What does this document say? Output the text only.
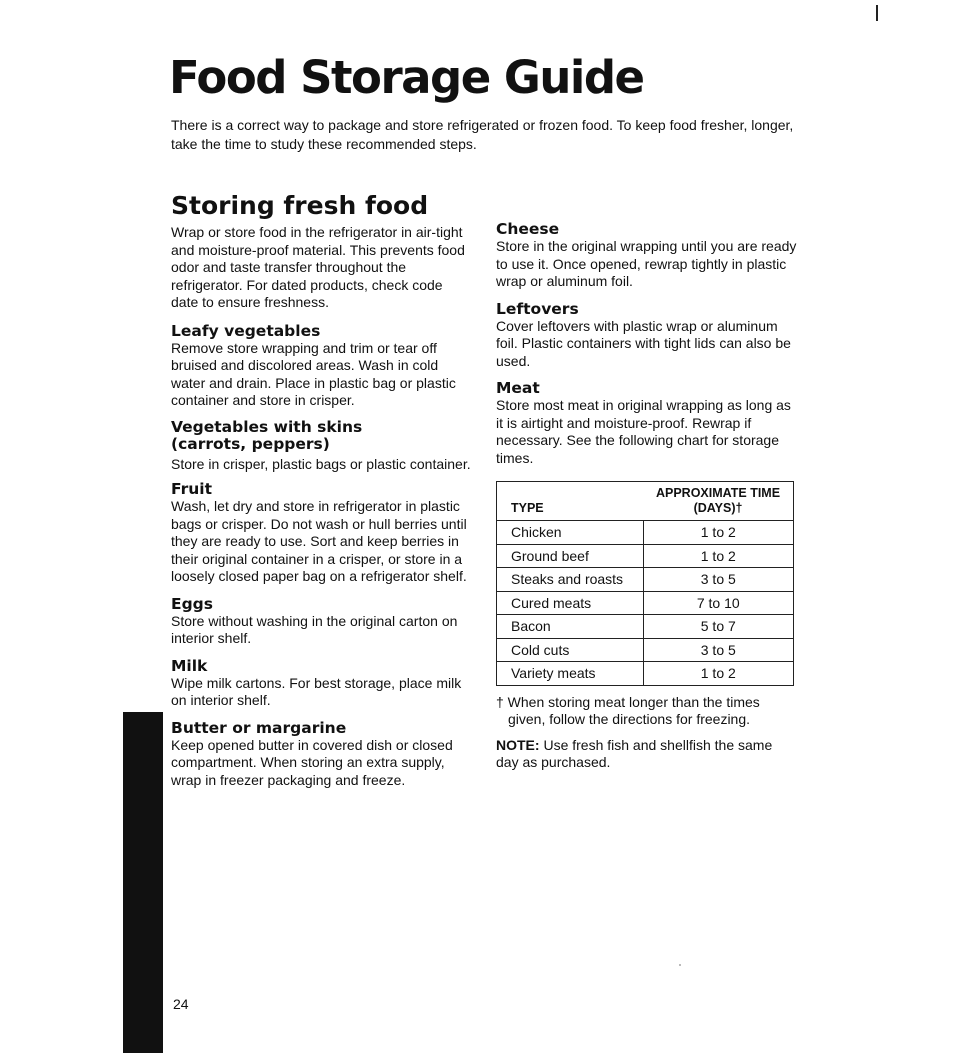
Food Storage Guide

There is a correct way to package and store refrigerated or frozen food. To keep food fresher, longer, take the time to study these recommended steps.

Storing fresh food

Wrap or store food in the refrigerator in air-tight and moisture-proof material. This prevents food odor and taste transfer throughout the refrigerator. For dated products, check code date to ensure freshness.

Leafy vegetables

Remove store wrapping and trim or tear off bruised and discolored areas. Wash in cold water and drain. Place in plastic bag or plastic container and store in crisper.

Vegetables with skins
(carrots, peppers)

Store in crisper, plastic bags or plastic container.

Fruit

Wash, let dry and store in refrigerator in plastic bags or crisper. Do not wash or hull berries until they are ready to use. Sort and keep berries in their original container in a crisper, or store in a loosely closed paper bag on a refrigerator shelf.

Eggs

Store without washing in the original carton on interior shelf.

Milk

Wipe milk cartons. For best storage, place milk on interior shelf.

Butter or margarine

Keep opened butter in covered dish or closed compartment. When storing an extra supply, wrap in freezer packaging and freeze.

Cheese

Store in the original wrapping until you are ready to use it. Once opened, rewrap tightly in plastic wrap or aluminum foil.

Leftovers

Cover leftovers with plastic wrap or aluminum foil. Plastic containers with tight lids can also be used.

Meat

Store most meat in original wrapping as long as it is airtight and moisture-proof. Rewrap if necessary. See the following chart for storage times.

TYPE	APPROXIMATE TIME
(DAYS)†
Chicken	1 to 2
Ground beef	1 to 2
Steaks and roasts	3 to 5
Cured meats	7 to 10
Bacon	5 to 7
Cold cuts	3 to 5
Variety meats	1 to 2

† When storing meat longer than the times given, follow the directions for freezing.

NOTE: Use fresh fish and shellfish the same day as purchased.

24
